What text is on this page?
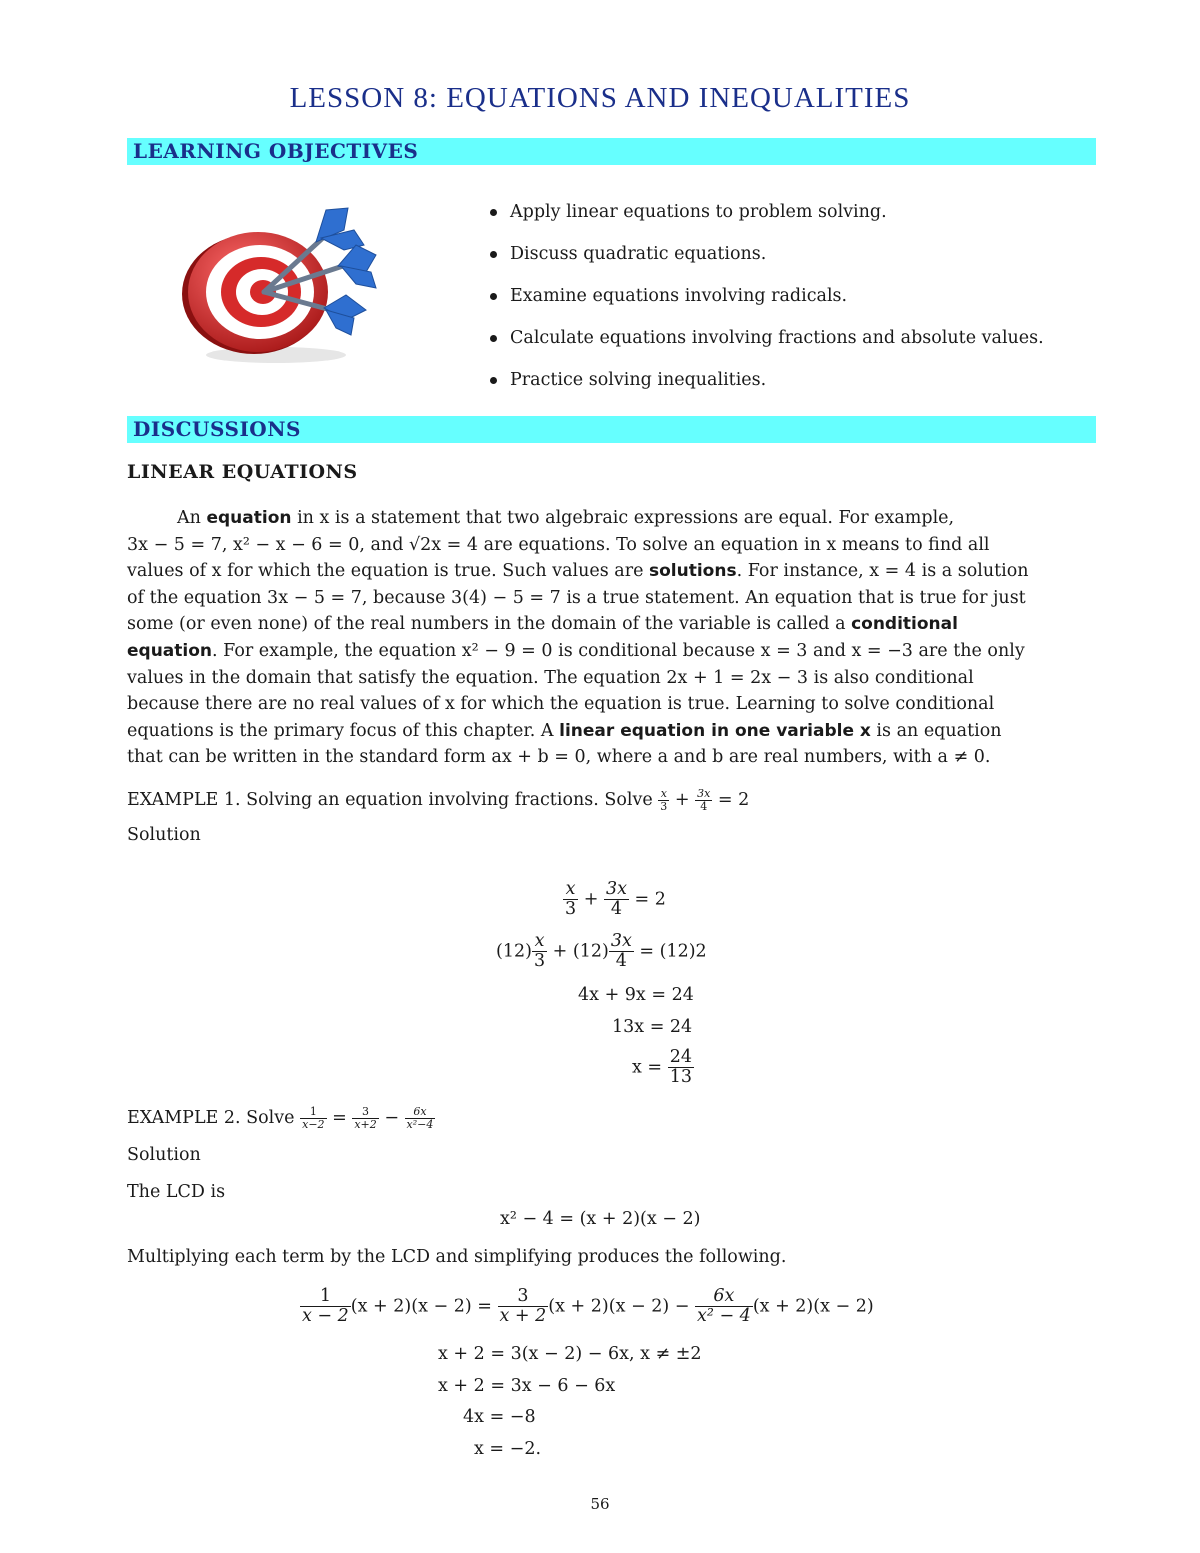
LESSON 8: EQUATIONS AND INEQUALITIES
LEARNING OBJECTIVES
Apply linear equations to problem solving.
Discuss quadratic equations.
Examine equations involving radicals.
Calculate equations involving fractions and absolute values.
Practice solving inequalities.
DISCUSSIONS
LINEAR EQUATIONS
An equation in x is a statement that two algebraic expressions are equal. For example,
3x − 5 = 7, x² − x − 6 = 0, and √2x = 4 are equations. To solve an equation in x means to find all
values of x for which the equation is true. Such values are solutions. For instance, x = 4 is a solution
of the equation 3x − 5 = 7, because 3(4) − 5 = 7 is a true statement. An equation that is true for just
some (or even none) of the real numbers in the domain of the variable is called a conditional
equation. For example, the equation x² − 9 = 0 is conditional because x = 3 and x = −3 are the only
values in the domain that satisfy the equation. The equation 2x + 1 = 2x − 3 is also conditional
because there are no real values of x for which the equation is true. Learning to solve conditional
equations is the primary focus of this chapter. A linear equation in one variable x is an equation
that can be written in the standard form ax + b = 0, where a and b are real numbers, with a ≠ 0.
EXAMPLE 1. Solving an equation involving fractions. Solve $\frac{x}{3} + \frac{3x}{4} = 2$
Solution
$\frac{x}{3} + \frac{3x}{4} = 2$
$(12) \frac{x}{3} + (12) \frac{3x}{4} = (12)2$
4x + 9x = 24
13x = 24
$x = \frac{24}{13}$
EXAMPLE 2. Solve $\frac{1}{x-2} = \frac{3}{x+2} - \frac{6x}{\text{x²−4}}$
Solution
The LCD is
x² − 4 = (x + 2)(x − 2)
Multiplying each term by the LCD and simplifying produces the following.
$\frac{1}{x - 2} (x + 2)(x - 2) = \frac{3}{x + 2} (x + 2)(x - 2) - \frac{6x}{\text{x² − 4}} (x + 2)(x - 2)$
x + 2 = 3(x − 2) − 6x, x ≠ ±2
x + 2 = 3x − 6 − 6x
4x = −8
x = −2.
56
